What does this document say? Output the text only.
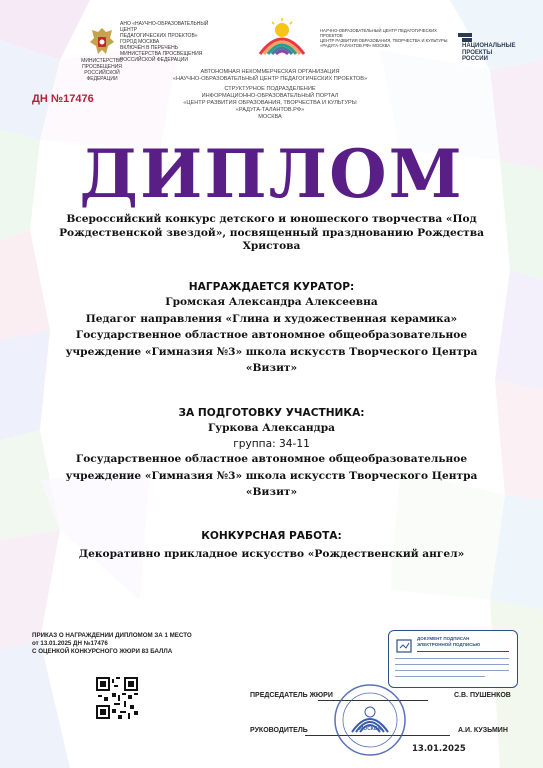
МИНИСТЕРСТВО ПРОСВЕЩЕНИЯ РОССИЙСКОЙ ФЕДЕРАЦИИ
АНО «НАУЧНО-ОБРАЗОВАТЕЛЬНЫЙ ЦЕНТР
ПЕДАГОГИЧЕСКИХ ПРОЕКТОВ» ГОРОД МОСКВА
ВКЛЮЧЁН В ПЕРЕЧЕНЬ
МИНИСТЕРСТВА ПРОСВЕЩЕНИЯ
РОССИЙСКОЙ ФЕДЕРАЦИИ
НАУЧНО-ОБРАЗОВАТЕЛЬНЫЙ ЦЕНТР ПЕДАГОГИЧЕСКИХ ПРОЕКТОВ
ЦЕНТР РАЗВИТИЯ ОБРАЗОВАНИЯ, ТВОРЧЕСТВА И КУЛЬТУРЫ
«РАДУГА-ТАЛАНТОВ.РФ» МОСКВА	НАЦИОНАЛЬНЫЕ
ПРОЕКТЫ
РОССИИ
АВТОНОМНАЯ НЕКОММЕРЧЕСКАЯ ОРГАНИЗАЦИЯ
«НАУЧНО-ОБРАЗОВАТЕЛЬНЫЙ ЦЕНТР ПЕДАГОГИЧЕСКИХ ПРОЕКТОВ»
СТРУКТУРНОЕ ПОДРАЗДЕЛЕНИЕ
ИНФОРМАЦИОННО-ОБРАЗОВАТЕЛЬНЫЙ ПОРТАЛ
«ЦЕНТР РАЗВИТИЯ ОБРАЗОВАНИЯ, ТВОРЧЕСТВА И КУЛЬТУРЫ
«РАДУГА-ТАЛАНТОВ.РФ»
МОСКВА
ДН №17476
ДИПЛОМ
Всероссийский конкурс детского и юношеского творчества «Под
Рождественской звездой», посвященный празднованию Рождества
Христова
НАГРАЖДАЕТСЯ КУРАТОР:
Громская Александра Алексеевна
Педагог направления «Глина и художественная керамика»
Государственное областное автономное общеобразовательное
учреждение «Гимназия №3» школа искусств Творческого Центра
«Визит»
ЗА ПОДГОТОВКУ УЧАСТНИКА:
Гуркова Александра
группа: 34-11
Государственное областное автономное общеобразовательное
учреждение «Гимназия №3» школа искусств Творческого Центра
«Визит»
КОНКУРСНАЯ РАБОТА:
Декоративно прикладное искусство «Рождественский ангел»
ПРИКАЗ О НАГРАЖДЕНИИ ДИПЛОМОМ ЗА 1 МЕСТО
от 13.01.2025 ДН №17476
С ОЦЕНКОЙ КОНКУРСНОГО ЖЮРИ 83 БАЛЛА
ДОКУМЕНТ ПОДПИСАН
ЭЛЕКТРОННОЙ ПОДПИСЬЮ
ПРЕДСЕДАТЕЛЬ ЖЮРИ	С.В. ПУШЕНКОВ
РУКОВОДИТЕЛЬ	А.И. КУЗЬМИН
МОСКВА
13.01.2025
